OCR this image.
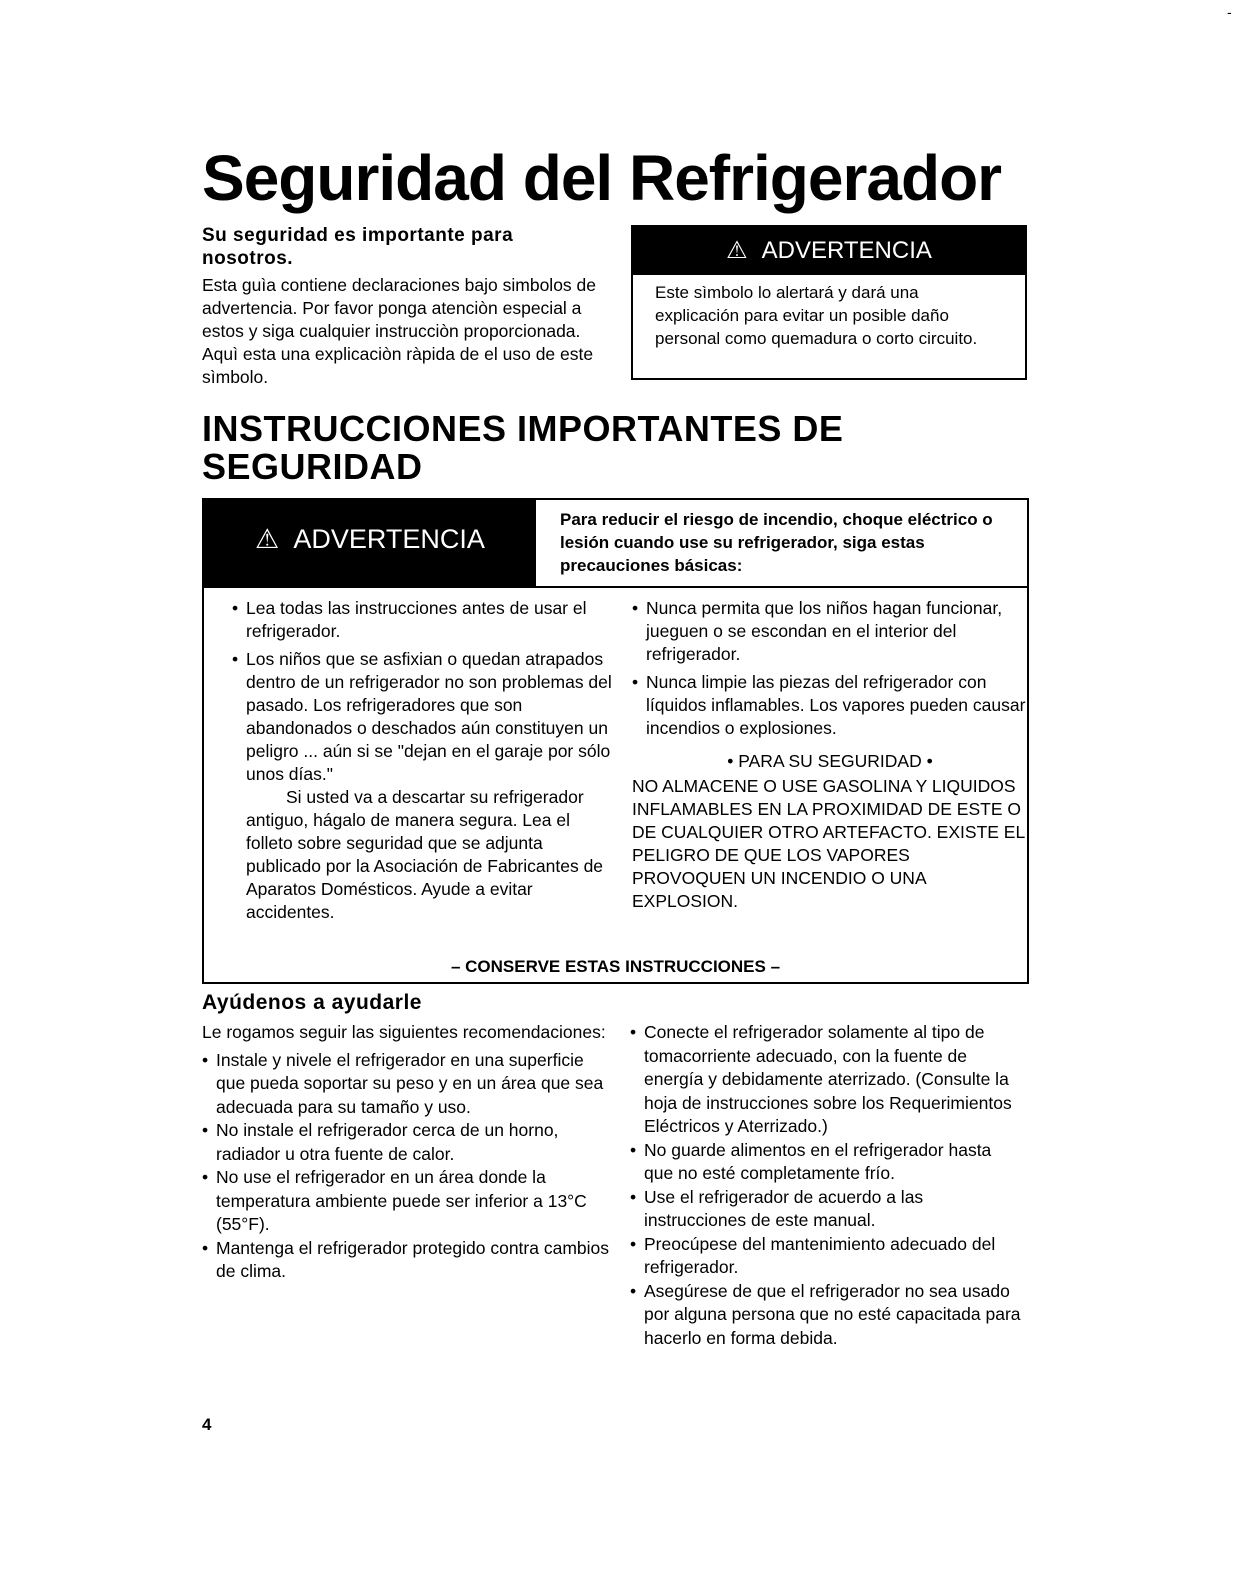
-
Seguridad del Refrigerador
Su seguridad es importante para nosotros.

Esta guìa contiene declaraciones bajo simbolos de advertencia. Por favor ponga atenciòn especial a estos y siga cualquier instrucciòn proporcionada. Aquì esta una explicaciòn ràpida de el uso de este sìmbolo.

⚠ ADVERTENCIA
Este sìmbolo lo alertará y dará una explicación para evitar un posible daño personal como quemadura o corto circuito.
INSTRUCCIONES IMPORTANTES DE SEGURIDAD
⚠ ADVERTENCIA
Para reducir el riesgo de incendio, choque eléctrico o lesión cuando use su refrigerador, siga estas precauciones básicas:
• Lea todas las instrucciones antes de usar el refrigerador.
• Los niños que se asfixian o quedan atrapados dentro de un refrigerador no son problemas del pasado. Los refrigeradores que son abandonados o deschados aún constituyen un peligro ... aún si se "dejan en el garaje por sólo unos días."
Si usted va a descartar su refrigerador antiguo, hágalo de manera segura. Lea el folleto sobre seguridad que se adjunta publicado por la Asociación de Fabricantes de Aparatos Domésticos. Ayude a evitar accidentes.
• Nunca permita que los niños hagan funcionar, jueguen o se escondan en el interior del refrigerador.
• Nunca limpie las piezas del refrigerador con líquidos inflamables. Los vapores pueden causar incendios o explosiones.
• PARA SU SEGURIDAD •
NO ALMACENE O USE GASOLINA Y LIQUIDOS INFLAMABLES EN LA PROXIMIDAD DE ESTE O DE CUALQUIER OTRO ARTEFACTO. EXISTE EL PELIGRO DE QUE LOS VAPORES PROVOQUEN UN INCENDIO O UNA EXPLOSION.
– CONSERVE ESTAS INSTRUCCIONES –
Ayúdenos a ayudarle

Le rogamos seguir las siguientes recomendaciones:

• Instale y nivele el refrigerador en una superficie que pueda soportar su peso y en un área que sea adecuada para su tamaño y uso.
• No instale el refrigerador cerca de un horno, radiador u otra fuente de calor.
• No use el refrigerador en un área donde la temperatura ambiente puede ser inferior a 13°C (55°F).
• Mantenga el refrigerador protegido contra cambios de clima.
• Conecte el refrigerador solamente al tipo de tomacorriente adecuado, con la fuente de energía y debidamente aterrizado. (Consulte la hoja de instrucciones sobre los Requerimientos Eléctricos y Aterrizado.)
• No guarde alimentos en el refrigerador hasta que no esté completamente frío.
• Use el refrigerador de acuerdo a las instrucciones de este manual.
• Preocúpese del mantenimiento adecuado del refrigerador.
• Asegúrese de que el refrigerador no sea usado por alguna persona que no esté capacitada para hacerlo en forma debida.
4
